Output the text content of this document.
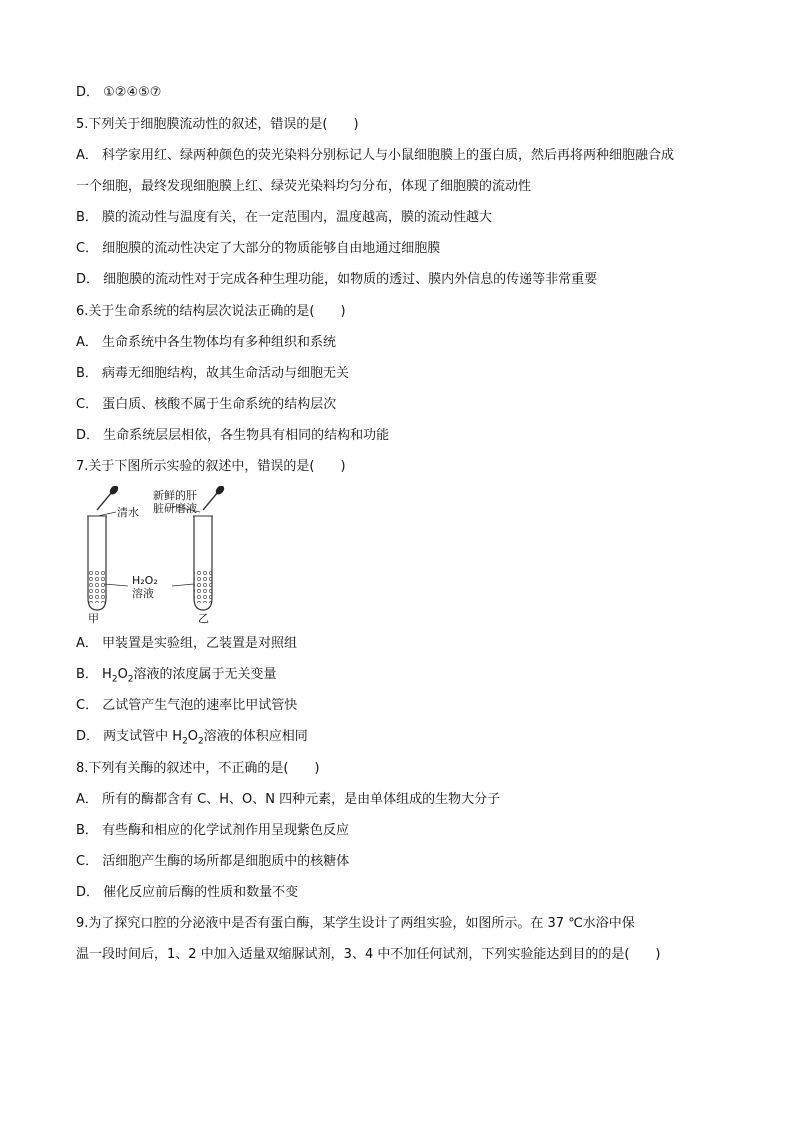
D． ①②④⑤⑦
5.下列关于细胞膜流动性的叙述，错误的是(　　)
A． 科学家用红、绿两种颜色的荧光染料分别标记人与小鼠细胞膜上的蛋白质，然后再将两种细胞融合成
一个细胞，最终发现细胞膜上红、绿荧光染料均匀分布，体现了细胞膜的流动性
B． 膜的流动性与温度有关，在一定范围内，温度越高，膜的流动性越大
C． 细胞膜的流动性决定了大部分的物质能够自由地通过细胞膜
D． 细胞膜的流动性对于完成各种生理功能，如物质的透过、膜内外信息的传递等非常重要
6.关于生命系统的结构层次说法正确的是(　　)
A． 生命系统中各生物体均有多种组织和系统
B． 病毒无细胞结构，故其生命活动与细胞无关
C． 蛋白质、核酸不属于生命系统的结构层次
D． 生命系统层层相依，各生物具有相同的结构和功能
7.关于下图所示实验的叙述中，错误的是(　　)
清水
新鲜的肝
脏研磨液
H₂O₂
溶液
甲	乙
A． 甲装置是实验组，乙装置是对照组
B． $H_2O_2$溶液的浓度属于无关变量
C． 乙试管产生气泡的速率比甲试管快
D． 两支试管中 $H_2O_2$溶液的体积应相同
8.下列有关酶的叙述中，不正确的是(　　)
A． 所有的酶都含有 C、H、O、N 四种元素，是由单体组成的生物大分子
B． 有些酶和相应的化学试剂作用呈现紫色反应
C． 活细胞产生酶的场所都是细胞质中的核糖体
D． 催化反应前后酶的性质和数量不变
9.为了探究口腔的分泌液中是否有蛋白酶，某学生设计了两组实验，如图所示。在 37 ℃水浴中保
温一段时间后，1、2 中加入适量双缩脲试剂，3、4 中不加任何试剂，下列实验能达到目的的是(　　)
